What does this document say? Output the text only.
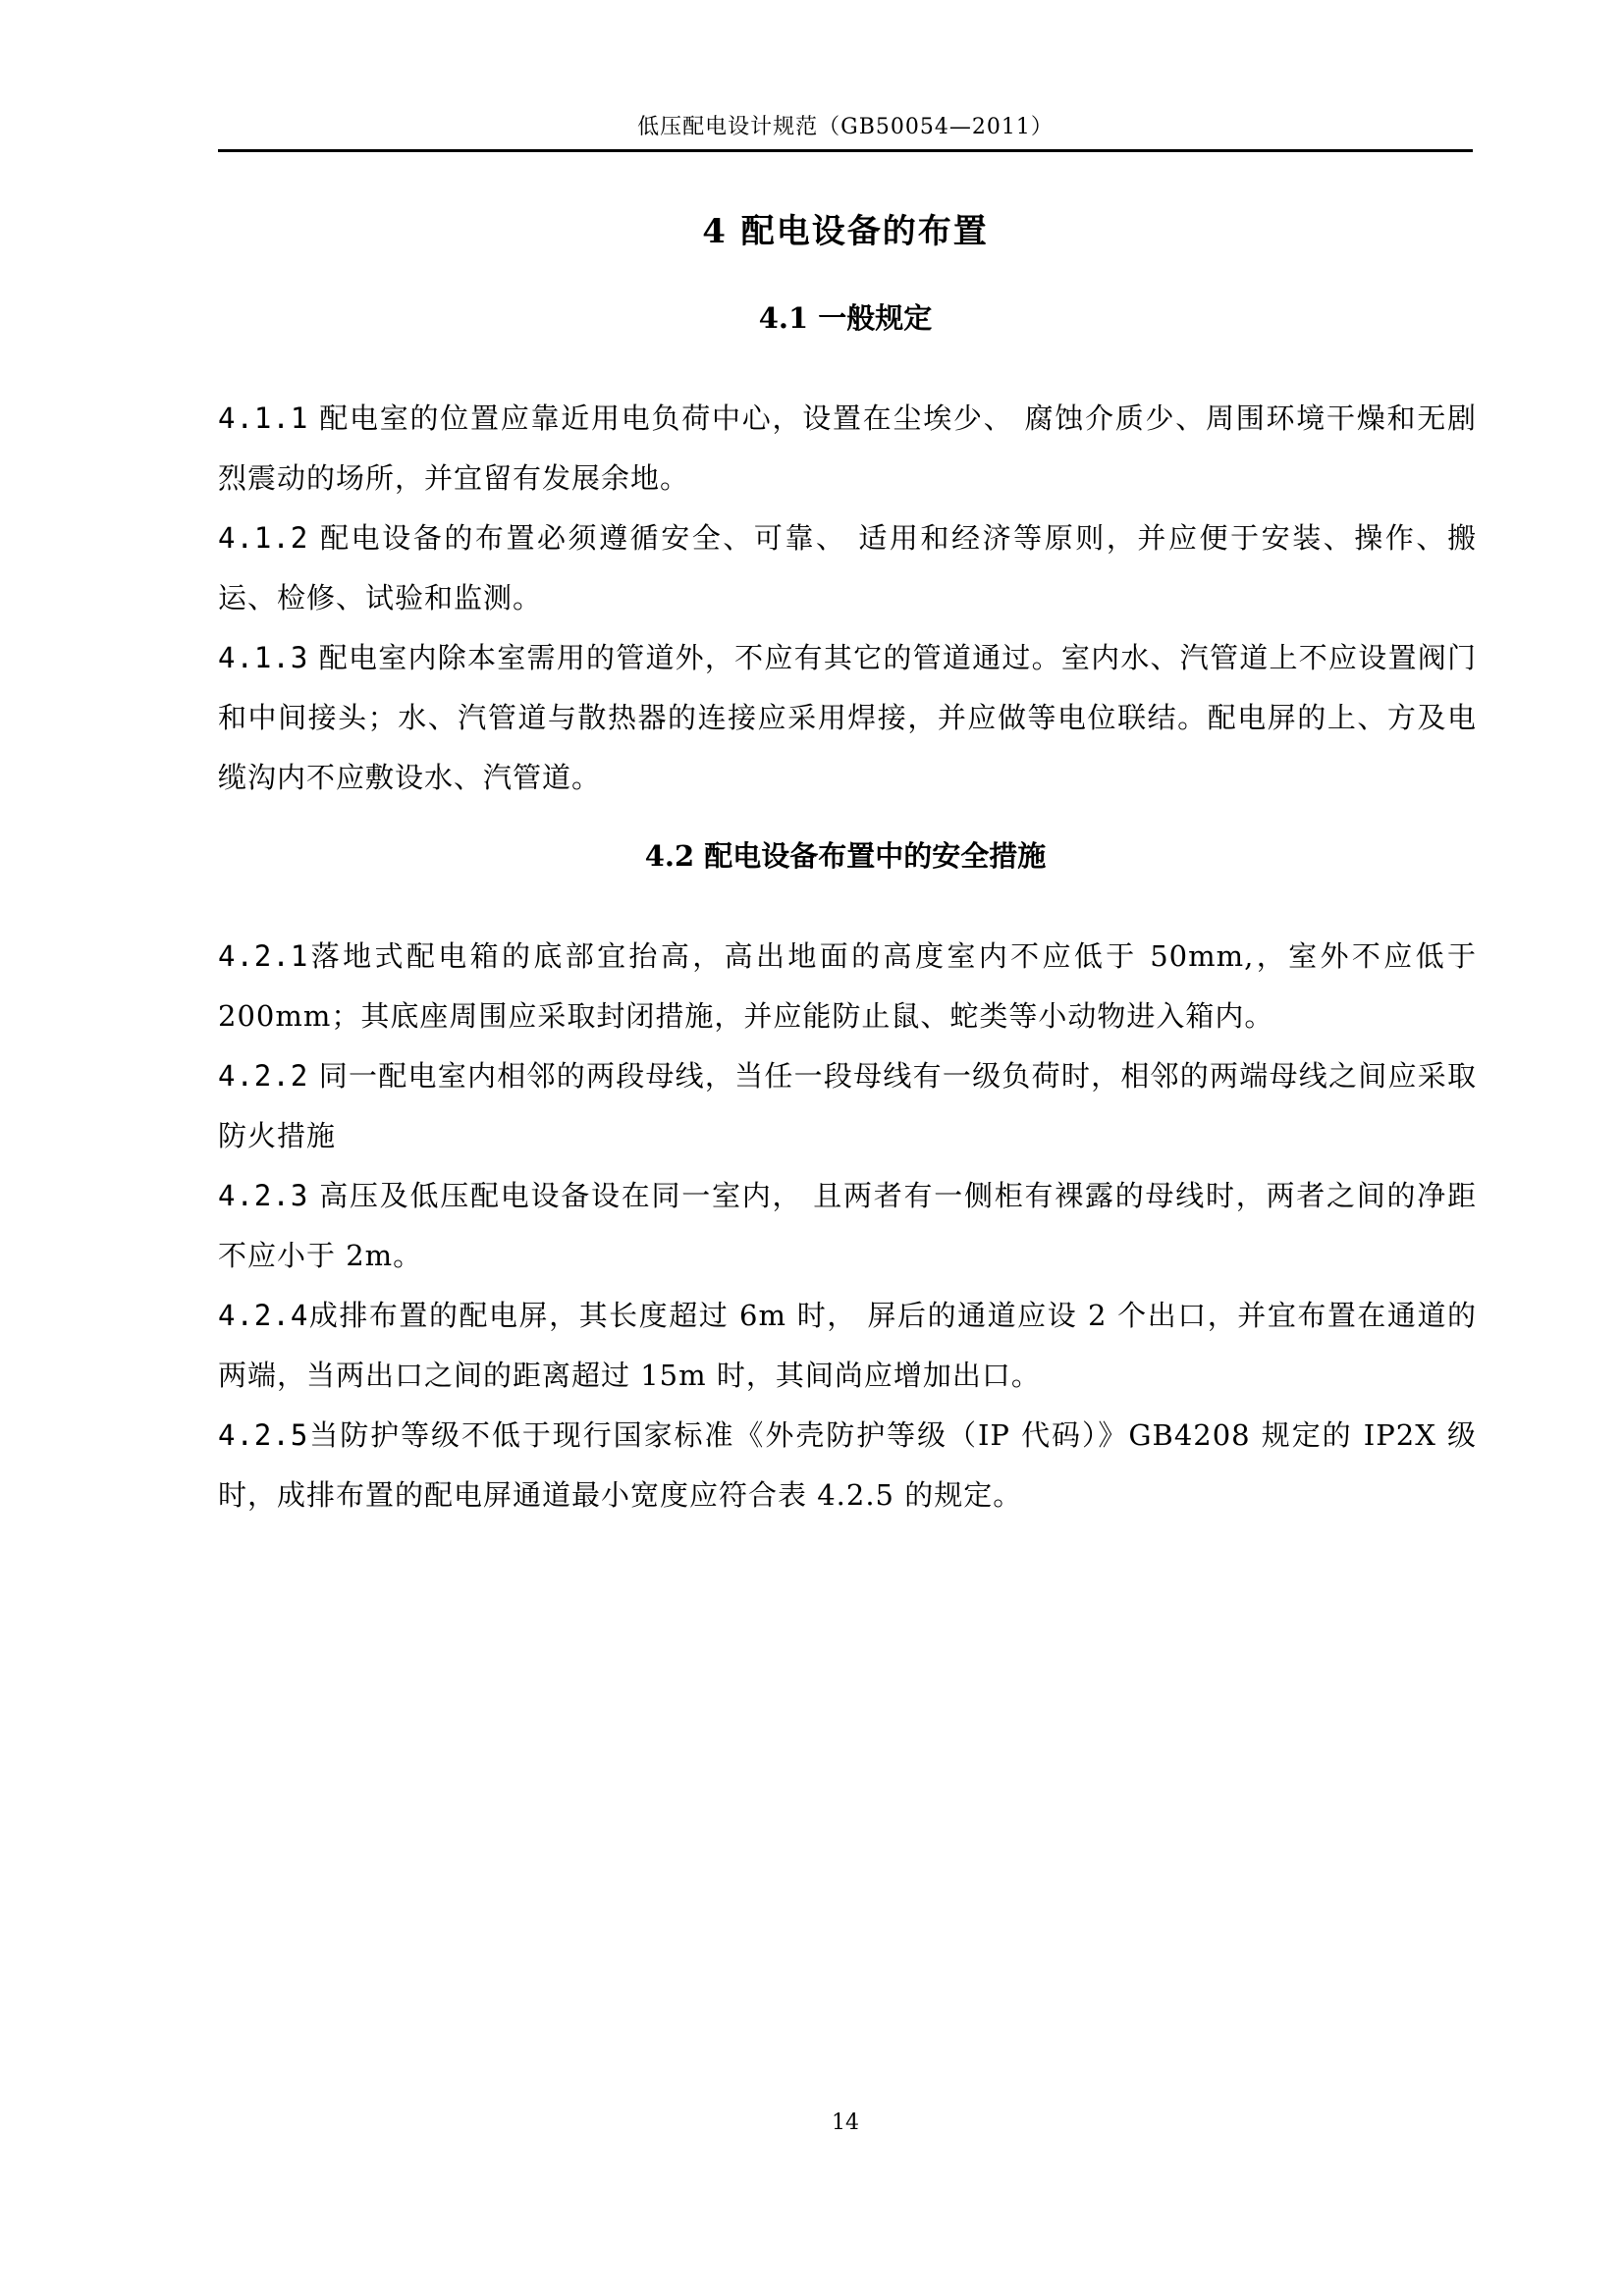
低压配电设计规范（GB50054—2011）
4 配电设备的布置
4.1 一般规定

4.1.1 配电室的位置应靠近用电负荷中心，设置在尘埃少、 腐蚀介质少、周围环境干燥和无剧烈震动的场所，并宜留有发展余地。

4.1.2 配电设备的布置必须遵循安全、可靠、 适用和经济等原则，并应便于安装、操作、搬运、检修、试验和监测。

4.1.3 配电室内除本室需用的管道外，不应有其它的管道通过。室内水、汽管道上不应设置阀门和中间接头；水、汽管道与散热器的连接应采用焊接，并应做等电位联结。配电屏的上、方及电缆沟内不应敷设水、汽管道。

4.2 配电设备布置中的安全措施

4.2.1落地式配电箱的底部宜抬高，高出地面的高度室内不应低于 50mm,，室外不应低于 200mm；其底座周围应采取封闭措施，并应能防止鼠、蛇类等小动物进入箱内。

4.2.2 同一配电室内相邻的两段母线，当任一段母线有一级负荷时，相邻的两端母线之间应采取防火措施

4.2.3 高压及低压配电设备设在同一室内， 且两者有一侧柜有裸露的母线时，两者之间的净距不应小于 2m。

4.2.4成排布置的配电屏，其长度超过 6m 时， 屏后的通道应设 2 个出口，并宜布置在通道的两端，当两出口之间的距离超过 15m 时，其间尚应增加出口。

4.2.5当防护等级不低于现行国家标准《外壳防护等级（IP 代码）》GB4208 规定的 IP2X 级时，成排布置的配电屏通道最小宽度应符合表 4.2.5 的规定。

14
